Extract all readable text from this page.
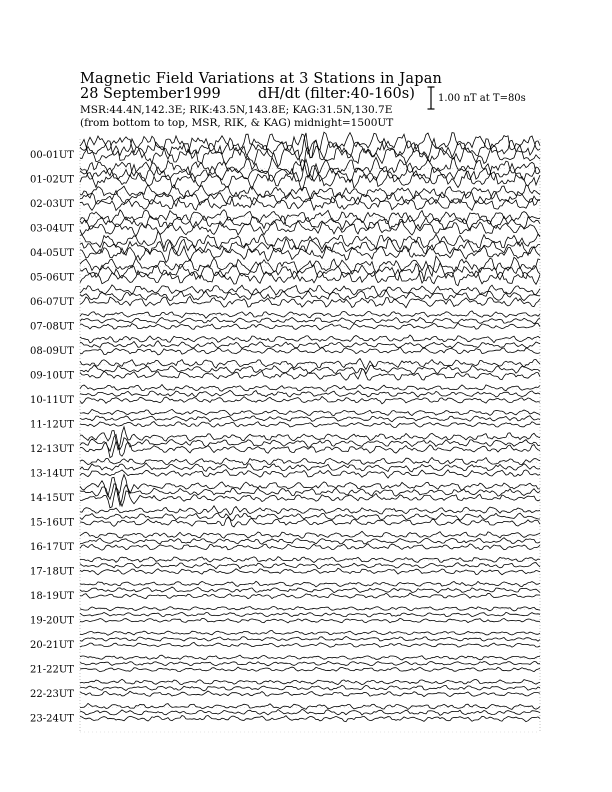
Magnetic Field Variations at 3 Stations in Japan
28 September1999	dH/dt (filter:40-160s)
MSR:44.4N,142.3E; RIK:43.5N,143.8E; KAG:31.5N,130.7E
(from bottom to top, MSR, RIK, & KAG) midnight=1500UT
1.00 nT at T=80s
00-01UT
01-02UT
02-03UT
03-04UT
04-05UT
05-06UT
06-07UT
07-08UT
08-09UT
09-10UT
10-11UT
11-12UT
12-13UT
13-14UT
14-15UT
15-16UT
16-17UT
17-18UT
18-19UT
19-20UT
20-21UT
21-22UT
22-23UT
23-24UT
